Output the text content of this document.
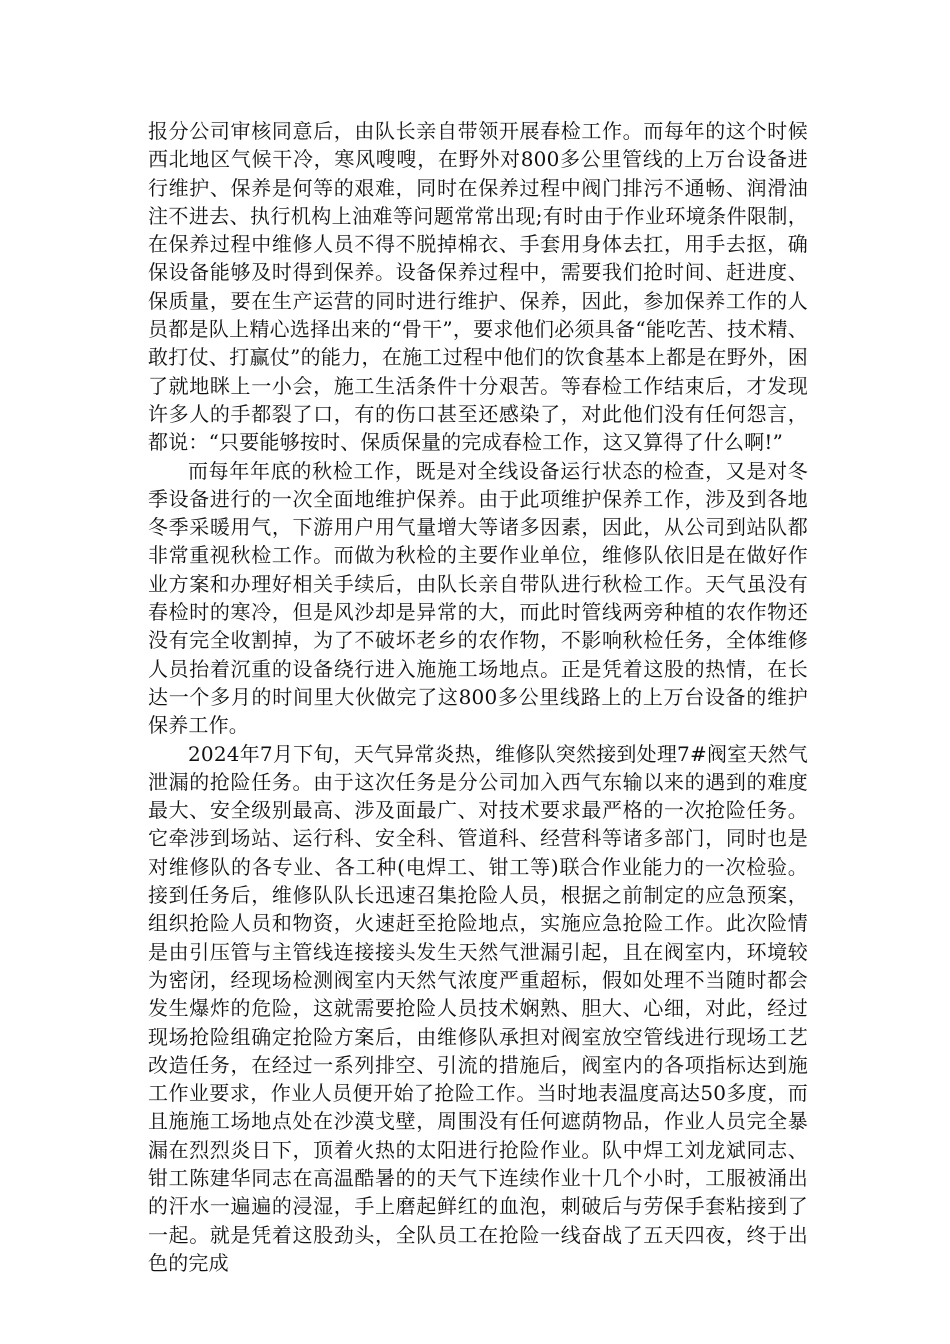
报分公司审核同意后，由队长亲自带领开展春检工作。而每年的这个时候西北地区气候干冷，寒风嗖嗖，在野外对800多公里管线的上万台设备进行维护、保养是何等的艰难，同时在保养过程中阀门排污不通畅、润滑油注不进去、执行机构上油难等问题常常出现;有时由于作业环境条件限制，在保养过程中维修人员不得不脱掉棉衣、手套用身体去扛，用手去抠，确保设备能够及时得到保养。设备保养过程中，需要我们抢时间、赶进度、保质量，要在生产运营的同时进行维护、保养，因此，参加保养工作的人员都是队上精心选择出来的“骨干”，要求他们必须具备“能吃苦、技术精、敢打仗、打赢仗”的能力，在施工过程中他们的饮食基本上都是在野外，困了就地眯上一小会，施工生活条件十分艰苦。等春检工作结束后，才发现许多人的手都裂了口，有的伤口甚至还感染了，对此他们没有任何怨言，都说：“只要能够按时、保质保量的完成春检工作，这又算得了什么啊!”

而每年年底的秋检工作，既是对全线设备运行状态的检查，又是对冬季设备进行的一次全面地维护保养。由于此项维护保养工作，涉及到各地冬季采暖用气，下游用户用气量增大等诸多因素，因此，从公司到站队都非常重视秋检工作。而做为秋检的主要作业单位，维修队依旧是在做好作业方案和办理好相关手续后，由队长亲自带队进行秋检工作。天气虽没有春检时的寒冷，但是风沙却是异常的大，而此时管线两旁种植的农作物还没有完全收割掉，为了不破坏老乡的农作物，不影响秋检任务，全体维修人员抬着沉重的设备绕行进入施施工场地点。正是凭着这股的热情，在长达一个多月的时间里大伙做完了这800多公里线路上的上万台设备的维护保养工作。

2024年7月下旬，天气异常炎热，维修队突然接到处理7#阀室天然气泄漏的抢险任务。由于这次任务是分公司加入西气东输以来的遇到的难度最大、安全级别最高、涉及面最广、对技术要求最严格的一次抢险任务。它牵涉到场站、运行科、安全科、管道科、经营科等诸多部门，同时也是对维修队的各专业、各工种(电焊工、钳工等)联合作业能力的一次检验。接到任务后，维修队队长迅速召集抢险人员，根据之前制定的应急预案，组织抢险人员和物资，火速赶至抢险地点，实施应急抢险工作。此次险情是由引压管与主管线连接接头发生天然气泄漏引起，且在阀室内，环境较为密闭，经现场检测阀室内天然气浓度严重超标，假如处理不当随时都会发生爆炸的危险，这就需要抢险人员技术娴熟、胆大、心细，对此，经过现场抢险组确定抢险方案后，由维修队承担对阀室放空管线进行现场工艺改造任务，在经过一系列排空、引流的措施后，阀室内的各项指标达到施工作业要求，作业人员便开始了抢险工作。当时地表温度高达50多度，而且施施工场地点处在沙漠戈壁，周围没有任何遮荫物品，作业人员完全暴漏在烈烈炎日下，顶着火热的太阳进行抢险作业。队中焊工刘龙斌同志、钳工陈建华同志在高温酷暑的的天气下连续作业十几个小时，工服被涌出的汗水一遍遍的浸湿，手上磨起鲜红的血泡，刺破后与劳保手套粘接到了一起。就是凭着这股劲头，全队员工在抢险一线奋战了五天四夜，终于出色的完成
